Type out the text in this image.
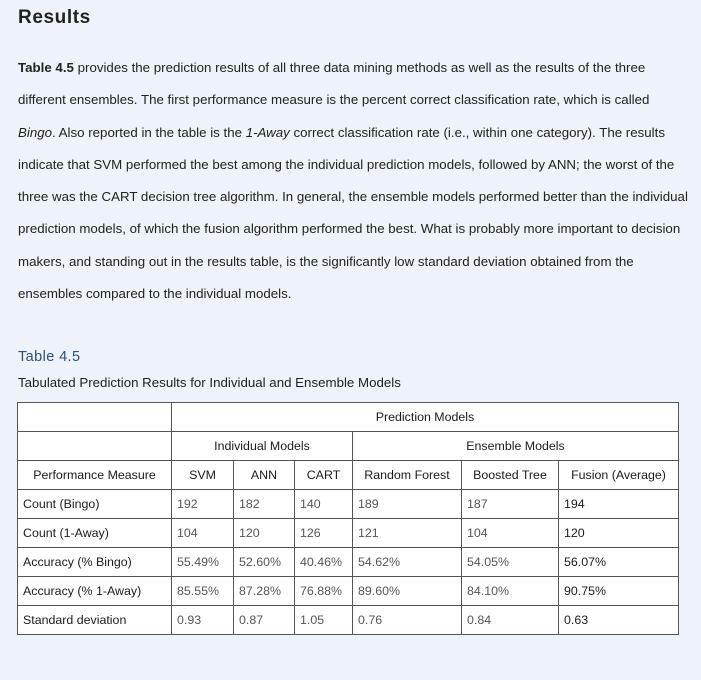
Results

Table 4.5 provides the prediction results of all three data mining methods as well as the results of the three different ensembles. The first performance measure is the percent correct classification rate, which is called Bingo. Also reported in the table is the 1-Away correct classification rate (i.e., within one category). The results indicate that SVM performed the best among the individual prediction models, followed by ANN; the worst of the three was the CART decision tree algorithm. In general, the ensemble models performed better than the individual prediction models, of which the fusion algorithm performed the best. What is probably more important to decision makers, and standing out in the results table, is the significantly low standard deviation obtained from the ensembles compared to the individual models.

Table 4.5

Tabulated Prediction Results for Individual and Ensemble Models

	Prediction Models					
	Individual Models			Ensemble Models		
Performance Measure	SVM	ANN	CART	Random Forest	Boosted Tree	Fusion (Average)
Count (Bingo)	192	182	140	189	187	194
Count (1-Away)	104	120	126	121	104	120
Accuracy (% Bingo)	55.49%	52.60%	40.46%	54.62%	54.05%	56.07%
Accuracy (% 1-Away)	85.55%	87.28%	76.88%	89.60%	84.10%	90.75%
Standard deviation	0.93	0.87	1.05	0.76	0.84	0.63
